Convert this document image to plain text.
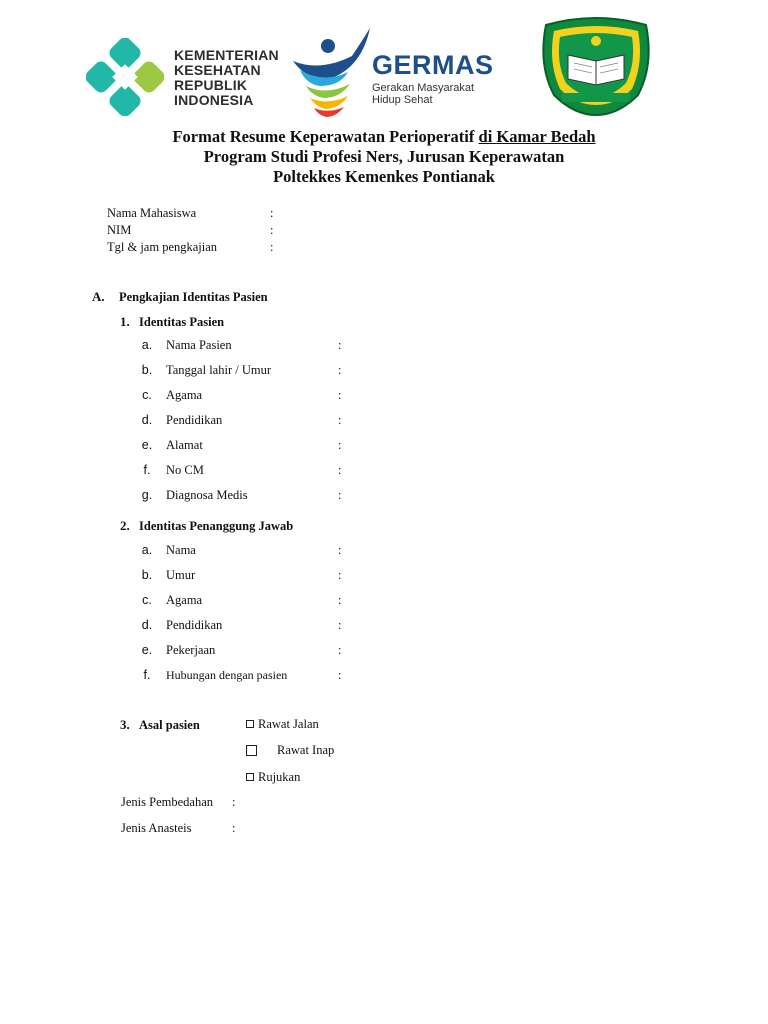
KEMENTERIAN
KESEHATAN
REPUBLIK
INDONESIA
GERMAS
Gerakan Masyarakat
Hidup Sehat
Format Resume Keperawatan Perioperatif di Kamar Bedah
Program Studi Profesi Ners, Jurusan Keperawatan
Poltekkes Kemenkes Pontianak
Nama Mahasiswa	:
NIM	:
Tgl & jam pengkajian	:
A. Pengkajian Identitas Pasien
1. Identitas Pasien
a. Nama Pasien	:
b. Tanggal lahir / Umur	:
c. Agama	:
d. Pendidikan	:
e. Alamat	:
f. No CM	:
g. Diagnosa Medis	:
2. Identitas Penanggung Jawab
a. Nama	:
b. Umur	:
c. Agama	:
d. Pendidikan	:
e. Pekerjaan	:
f. Hubungan dengan pasien	:
3. Asal pasien	Rawat Jalan
Rawat Inap
Rujukan
Jenis Pembedahan :
Jenis Anasteis	:
